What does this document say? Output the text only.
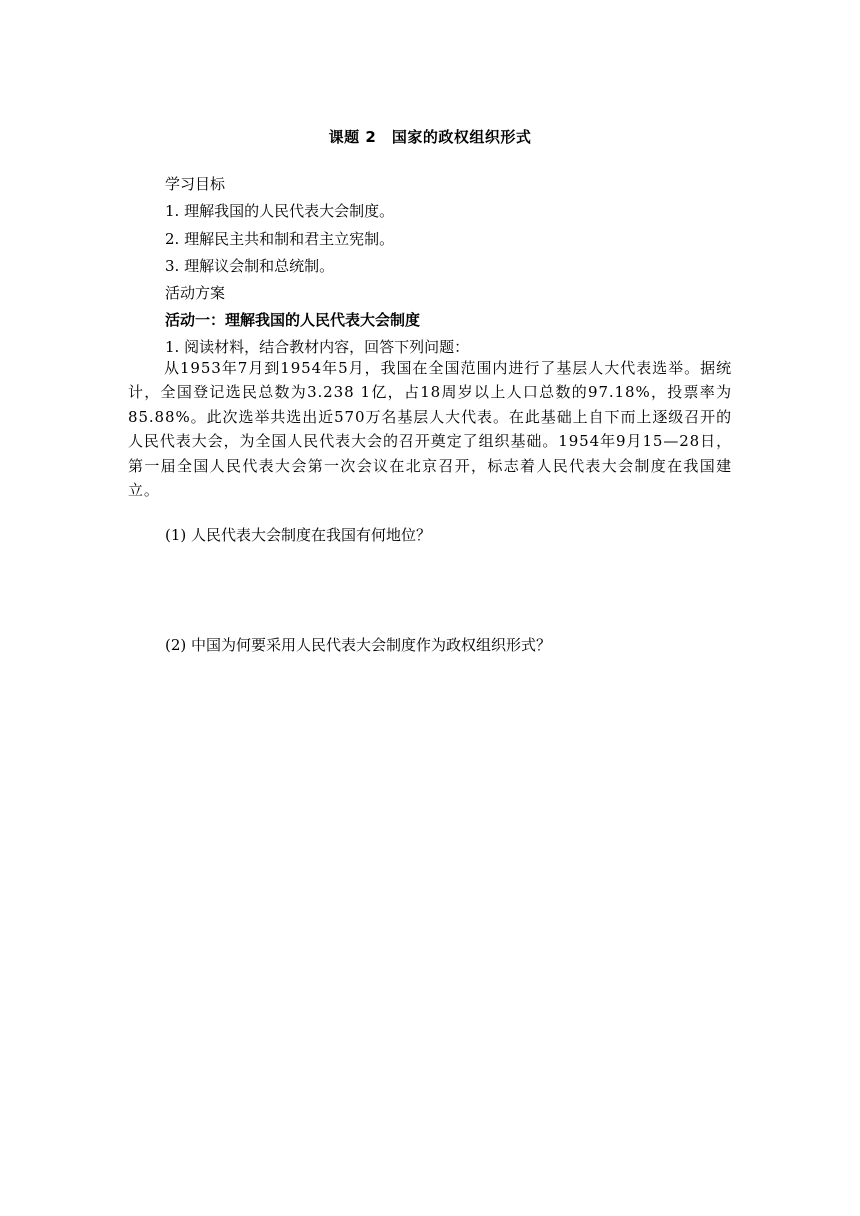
课题 2　国家的政权组织形式
学习目标
1. 理解我国的人民代表大会制度。
2. 理解民主共和制和君主立宪制。
3. 理解议会制和总统制。
活动方案
活动一：理解我国的人民代表大会制度
1. 阅读材料，结合教材内容，回答下列问题：
从1953年7月到1954年5月，我国在全国范围内进行了基层人大代表选举。据统计，全国登记选民总数为3.238 1亿，占18周岁以上人口总数的97.18%，投票率为85.88%。此次选举共选出近570万名基层人大代表。在此基础上自下而上逐级召开的人民代表大会，为全国人民代表大会的召开奠定了组织基础。1954年9月15—28日，第一届全国人民代表大会第一次会议在北京召开，标志着人民代表大会制度在我国建立。
(1) 人民代表大会制度在我国有何地位？
(2) 中国为何要采用人民代表大会制度作为政权组织形式？
